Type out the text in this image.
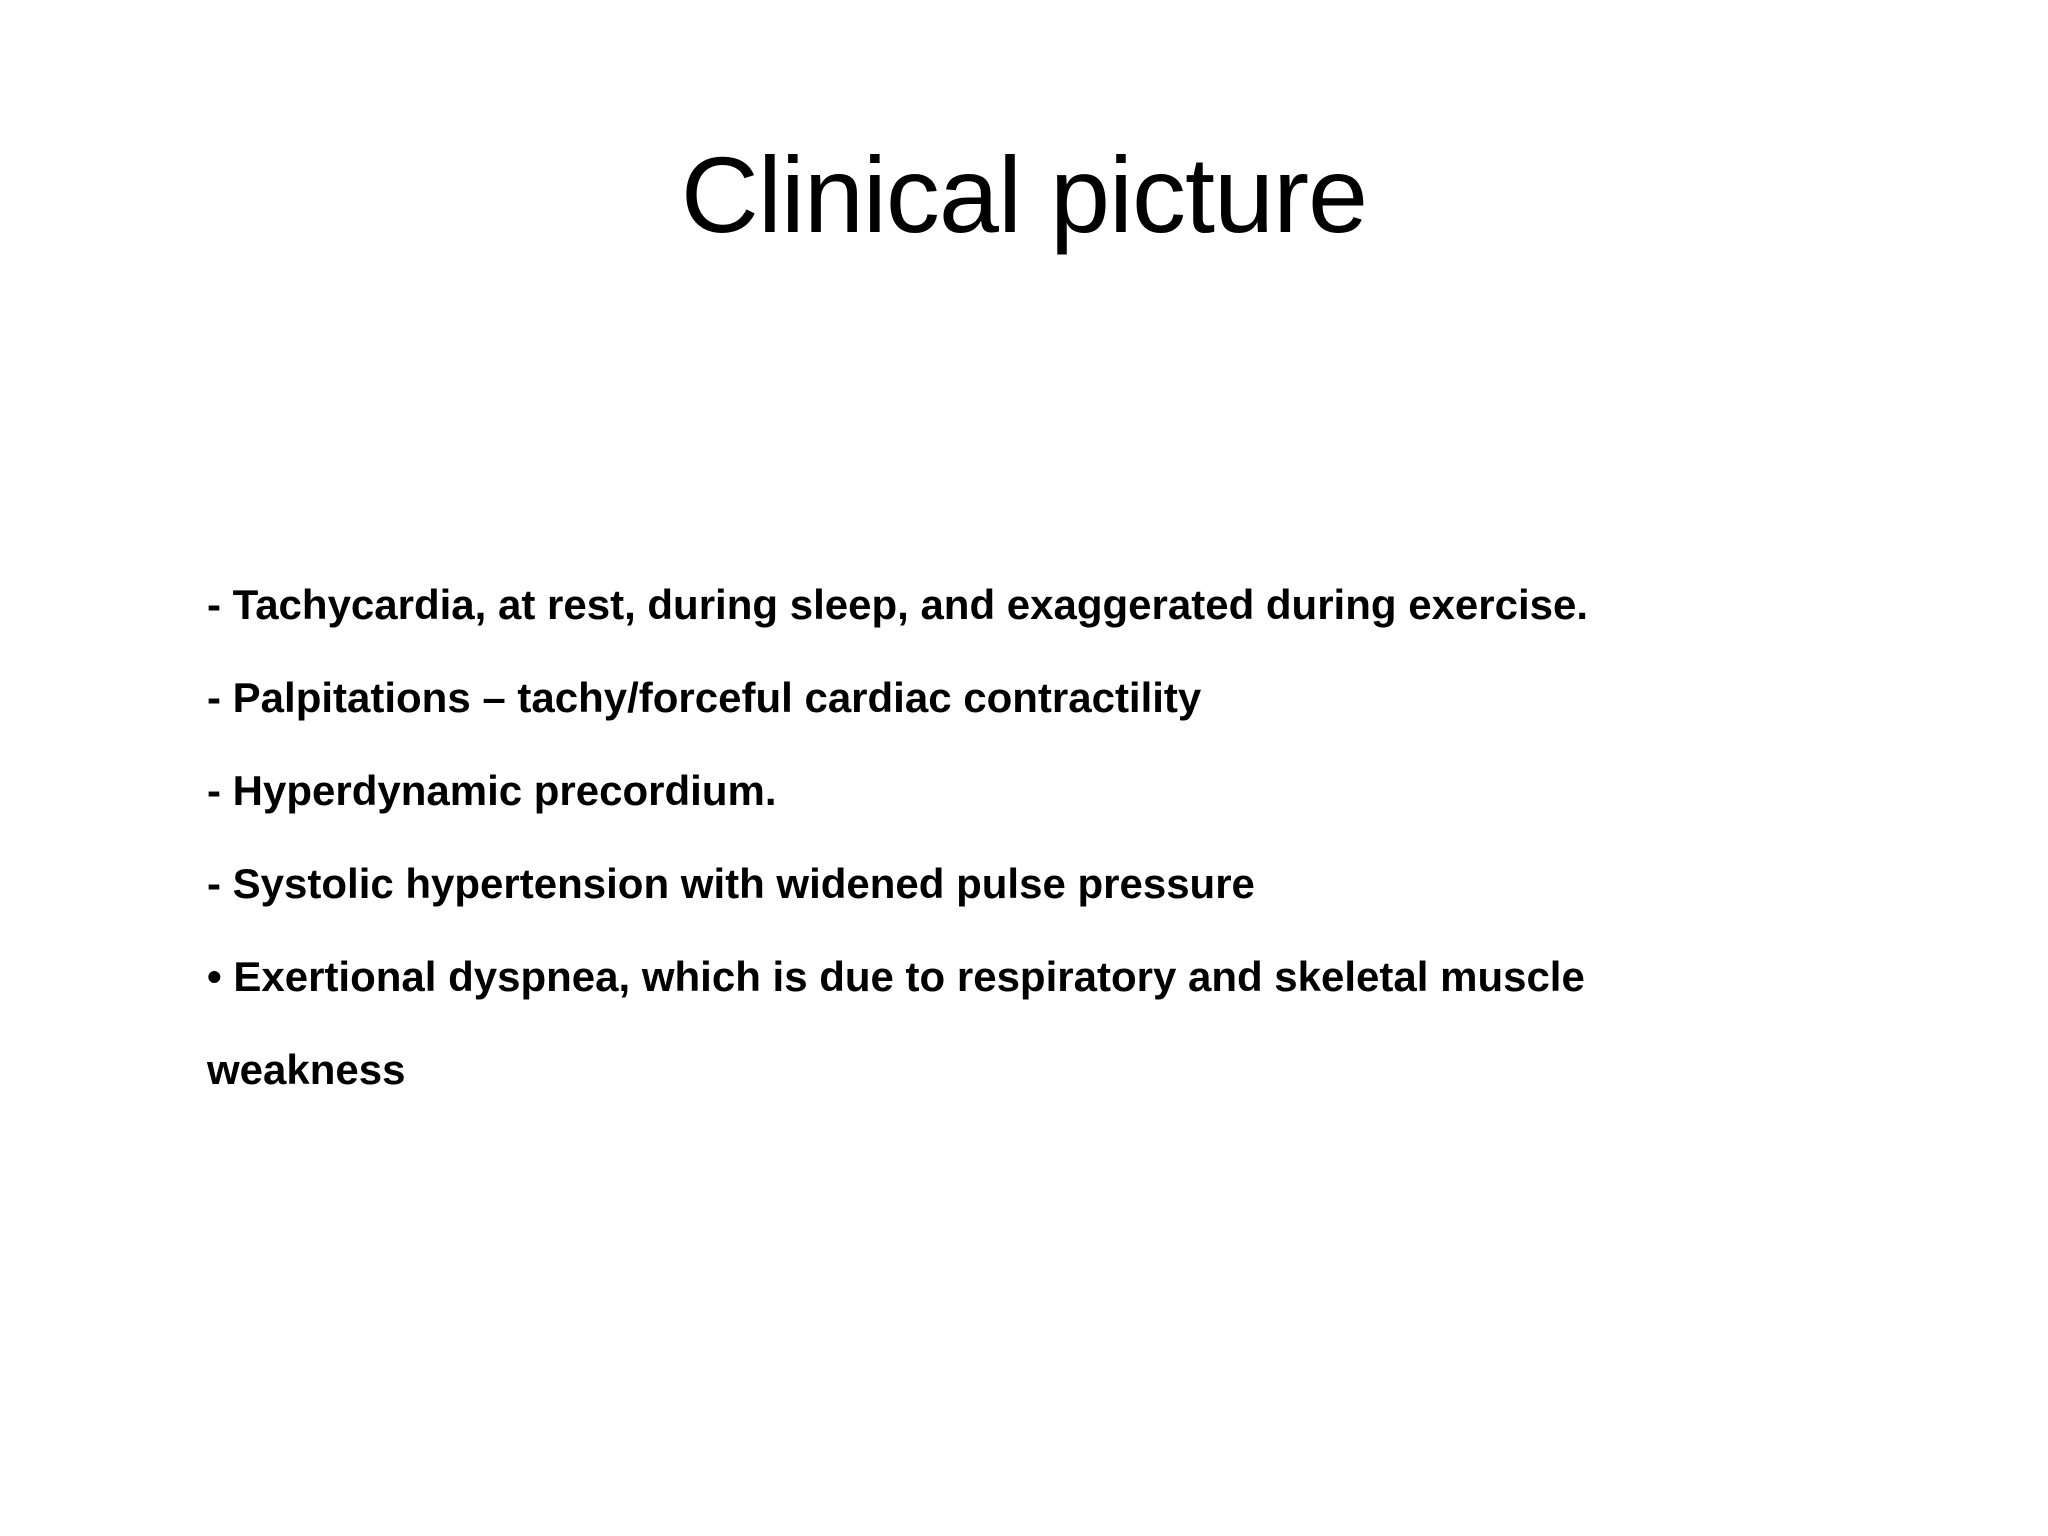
Clinical picture
- Tachycardia, at rest, during sleep, and exaggerated during exercise.
- Palpitations – tachy/forceful cardiac contractility
- Hyperdynamic precordium.
- Systolic hypertension with widened pulse pressure
• Exertional dyspnea, which is due to respiratory and skeletal muscle
weakness
